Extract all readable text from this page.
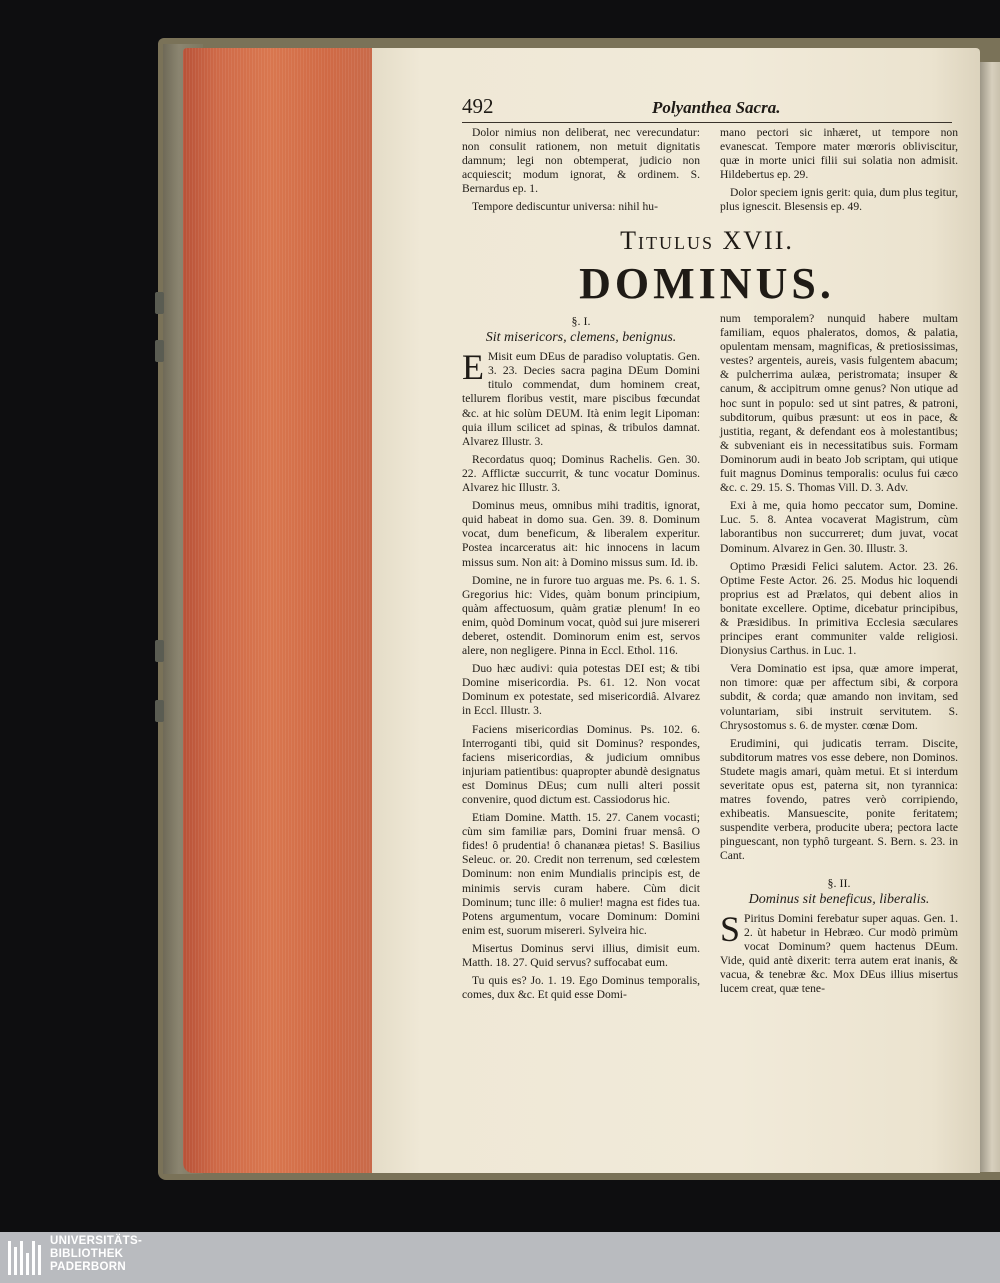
492	Polyanthea Sacra.

Dolor nimius non deliberat, nec verecundatur: non consulit rationem, non metuit dignitatis damnum; legi non obtemperat, judicio non acquiescit; modum ignorat, & ordinem. S. Bernardus ep. 1.

Tempore dediscuntur universa: nihil hu-

mano pectori sic inhæret, ut tempore non evanescat. Tempore mater mœroris obliviscitur, quæ in morte unici filii sui solatia non admisit. Hildebertus ep. 29.

Dolor speciem ignis gerit: quia, dum plus tegitur, plus ignescit. Blesensis ep. 49.

Titulus XVII.
DOMINUS.
§. I.
Sit misericors, clemens, benignus.

E Misit eum DEus de paradiso voluptatis. Gen. 3. 23. Decies sacra pagina DEum Domini titulo commendat, dum hominem creat, tellurem floribus vestit, mare piscibus fœcundat &c. at hic solùm DEUM. Ità enim legit Lipoman: quia illum scilicet ad spinas, & tribulos damnat. Alvarez Illustr. 3.

Recordatus quoq; Dominus Rachelis. Gen. 30. 22. Afflictæ succurrit, & tunc vocatur Dominus. Alvarez hic Illustr. 3.

Dominus meus, omnibus mihi traditis, ignorat, quid habeat in domo sua. Gen. 39. 8. Dominum vocat, dum beneficum, & liberalem experitur. Postea incarceratus ait: hic innocens in lacum missus sum. Non ait: à Domino missus sum. Id. ib.

Domine, ne in furore tuo arguas me. Ps. 6. 1. S. Gregorius hic: Vides, quàm bonum principium, quàm affectuosum, quàm gratiæ plenum! In eo enim, quòd Dominum vocat, quòd sui jure misereri deberet, ostendit. Dominorum enim est, servos alere, non negligere. Pinna in Eccl. Ethol. 116.

Duo hæc audivi: quia potestas DEI est; & tibi Domine misericordia. Ps. 61. 12. Non vocat Dominum ex potestate, sed misericordiâ. Alvarez in Eccl. Illustr. 3.

Faciens misericordias Dominus. Ps. 102. 6. Interroganti tibi, quid sit Dominus? respondes, faciens misericordias, & judicium omnibus injuriam patientibus: quapropter abundè designatus est Dominus DEus; cum nulli alteri possit convenire, quod dictum est. Cassiodorus hic.

Etiam Domine. Matth. 15. 27. Canem vocasti; cùm sim familiæ pars, Domini fruar mensâ. O fides! ô prudentia! ô chananæa pietas! S. Basilius Seleuc. or. 20. Credit non terrenum, sed cœlestem Dominum: non enim Mundialis principis est, de minimis servis curam habere. Cùm dicit Dominum; tunc ille: ô mulier! magna est fides tua. Potens argumentum, vocare Dominum: Domini enim est, suorum misereri. Sylveira hic.

Misertus Dominus servi illius, dimisit eum. Matth. 18. 27. Quid servus? suffocabat eum.

Tu quis es? Jo. 1. 19. Ego Dominus temporalis, comes, dux &c. Et quid esse Domi-

num temporalem? nunquid habere multam familiam, equos phaleratos, domos, & palatia, opulentam mensam, magnificas, & pretiosissimas, vestes? argenteis, aureis, vasis fulgentem abacum; & pulcherrima aulæa, peristromata; insuper & canum, & accipitrum omne genus? Non utique ad hoc sunt in populo: sed ut sint patres, & patroni, subditorum, quibus præsunt: ut eos in pace, & justitia, regant, & defendant eos à molestantibus; & subveniant eis in necessitatibus suis. Formam Dominorum audi in beato Job scriptam, qui utique fuit magnus Dominus temporalis: oculus fui cæco &c. c. 29. 15. S. Thomas Vill. D. 3. Adv.

Exi à me, quia homo peccator sum, Domine. Luc. 5. 8. Antea vocaverat Magistrum, cùm laborantibus non succurreret; dum juvat, vocat Dominum. Alvarez in Gen. 30. Illustr. 3.

Optimo Præsidi Felici salutem. Actor. 23. 26. Optime Feste Actor. 26. 25. Modus hic loquendi proprius est ad Prælatos, qui debent alios in bonitate excellere. Optime, dicebatur principibus, & Præsidibus. In primitiva Ecclesia sæculares principes erant communiter valde religiosi. Dionysius Carthus. in Luc. 1.

Vera Dominatio est ipsa, quæ amore imperat, non timore: quæ per affectum sibi, & corpora subdit, & corda; quæ amando non invitam, sed voluntariam, sibi instruit servitutem. S. Chrysostomus s. 6. de myster. cœnæ Dom.

Erudimini, qui judicatis terram. Discite, subditorum matres vos esse debere, non Dominos. Studete magis amari, quàm metui. Et si interdum severitate opus est, paterna sit, non tyrannica: matres fovendo, patres verò corripiendo, exhibeatis. Mansuescite, ponite feritatem; suspendite verbera, producite ubera; pectora lacte pinguescant, non typhô turgeant. S. Bern. s. 23. in Cant.

§. II.
Dominus sit beneficus, liberalis.

S Piritus Domini ferebatur super aquas. Gen. 1. 2. ùt habetur in Hebræo. Cur modò primùm vocat Dominum? quem hactenus DEum. Vide, quid antè dixerit: terra autem erat inanis, & vacua, & tenebræ &c. Mox DEus illius misertus lucem creat, quæ tene-

UNIVERSITÄTS-
BIBLIOTHEK
PADERBORN
